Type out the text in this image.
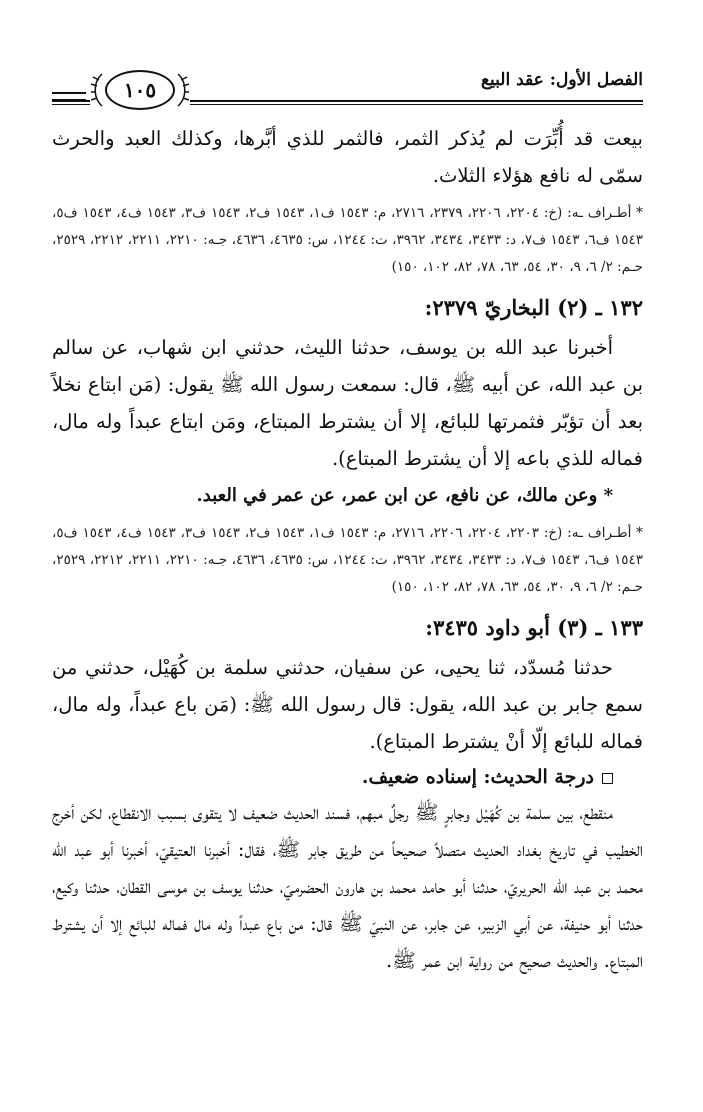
الفصل الأول: عقد البيع
١٠٥

بيعت قد أُبِّرَت لم يُذكر الثمر، فالثمر للذي أبَّرها، وكذلك العبد والحرث سمّى له نافع هؤلاء الثلاث.

* أطـراف ـه: (خ: ٢٢٠٤، ٢٢٠٦، ٢٣٧٩، ٢٧١٦، م: ١٥٤٣ ف١، ١٥٤٣ ف٢، ١٥٤٣ ف٣، ١٥٤٣ ف٤، ١٥٤٣ ف٥، ١٥٤٣ ف٦، ١٥٤٣ ف٧، د: ٣٤٣٣، ٣٤٣٤، ٣٩٦٢، ت: ١٢٤٤، س: ٤٦٣٥، ٤٦٣٦، جـه: ٢٢١٠، ٢٢١١، ٢٢١٢، ٢٥٢٩، حـم: ٢/ ٦، ٩، ٣٠، ٥٤، ٦٣، ٧٨، ٨٢، ١٠٢، ١٥٠)

١٣٢ ـ (٢) البخاريّ ٢٣٧٩:

أخبرنا عبد الله بن يوسف، حدثنا الليث، حدثني ابن شهاب، عن سالم بن عبد الله، عن أبيه ﷺ، قال: سمعت رسول الله ﷺ يقول: (مَن ابتاع نخلاً بعد أن تؤبّر فثمرتها للبائع، إلا أن يشترط المبتاع، ومَن ابتاع عبداً وله مال، فماله للذي باعه إلا أن يشترط المبتاع).

* وعن مالك، عن نافع، عن ابن عمر، عن عمر في العبد.

* أطـراف ـه: (خ: ٢٢٠٣، ٢٢٠٤، ٢٢٠٦، ٢٧١٦، م: ١٥٤٣ ف١، ١٥٤٣ ف٢، ١٥٤٣ ف٣، ١٥٤٣ ف٤، ١٥٤٣ ف٥، ١٥٤٣ ف٦، ١٥٤٣ ف٧، د: ٣٤٣٣، ٣٤٣٤، ٣٩٦٢، ت: ١٢٤٤، س: ٤٦٣٥، ٤٦٣٦، جـه: ٢٢١٠، ٢٢١١، ٢٢١٢، ٢٥٢٩، حـم: ٢/ ٦، ٩، ٣٠، ٥٤، ٦٣، ٧٨، ٨٢، ١٠٢، ١٥٠)

١٣٣ ـ (٣) أبو داود ٣٤٣٥:

حدثنا مُسدّد، ثنا يحيى، عن سفيان، حدثني سلمة بن كُهَيْل، حدثني من سمع جابر بن عبد الله، يقول: قال رسول الله ﷺ: (مَن باع عبداً، وله مال، فماله للبائع إلّا أنْ يشترط المبتاع).

درجة الحديث: إسناده ضعيف.

منقطع، بين سلمة بن كُهَيْل وجابرٍ ﷺ رجلٌ مبهم، فسند الحديث ضعيف لا يتقوى بسبب الانقطاع، لكن أخرج الخطيب في تاريخ بغداد الحديث متصلاً صحيحاً من طريق جابر ﷺ، فقال: أخبرنا العتيقيّ، أخبرنا أبو عبد الله محمد بن عبد الله الحريريّ، حدثنا أبو حامد محمد بن هارون الحضرميّ، حدثنا يوسف بن موسى القطان، حدثنا وكيع، حدثنا أبو حنيفة، عن أبي الزبير، عن جابر، عن النبيّ ﷺ قال: من باع عبداً وله مال فماله للبائع إلا أن يشترط المبتاع. والحديث صحيح من رواية ابن عمر ﷺ.
